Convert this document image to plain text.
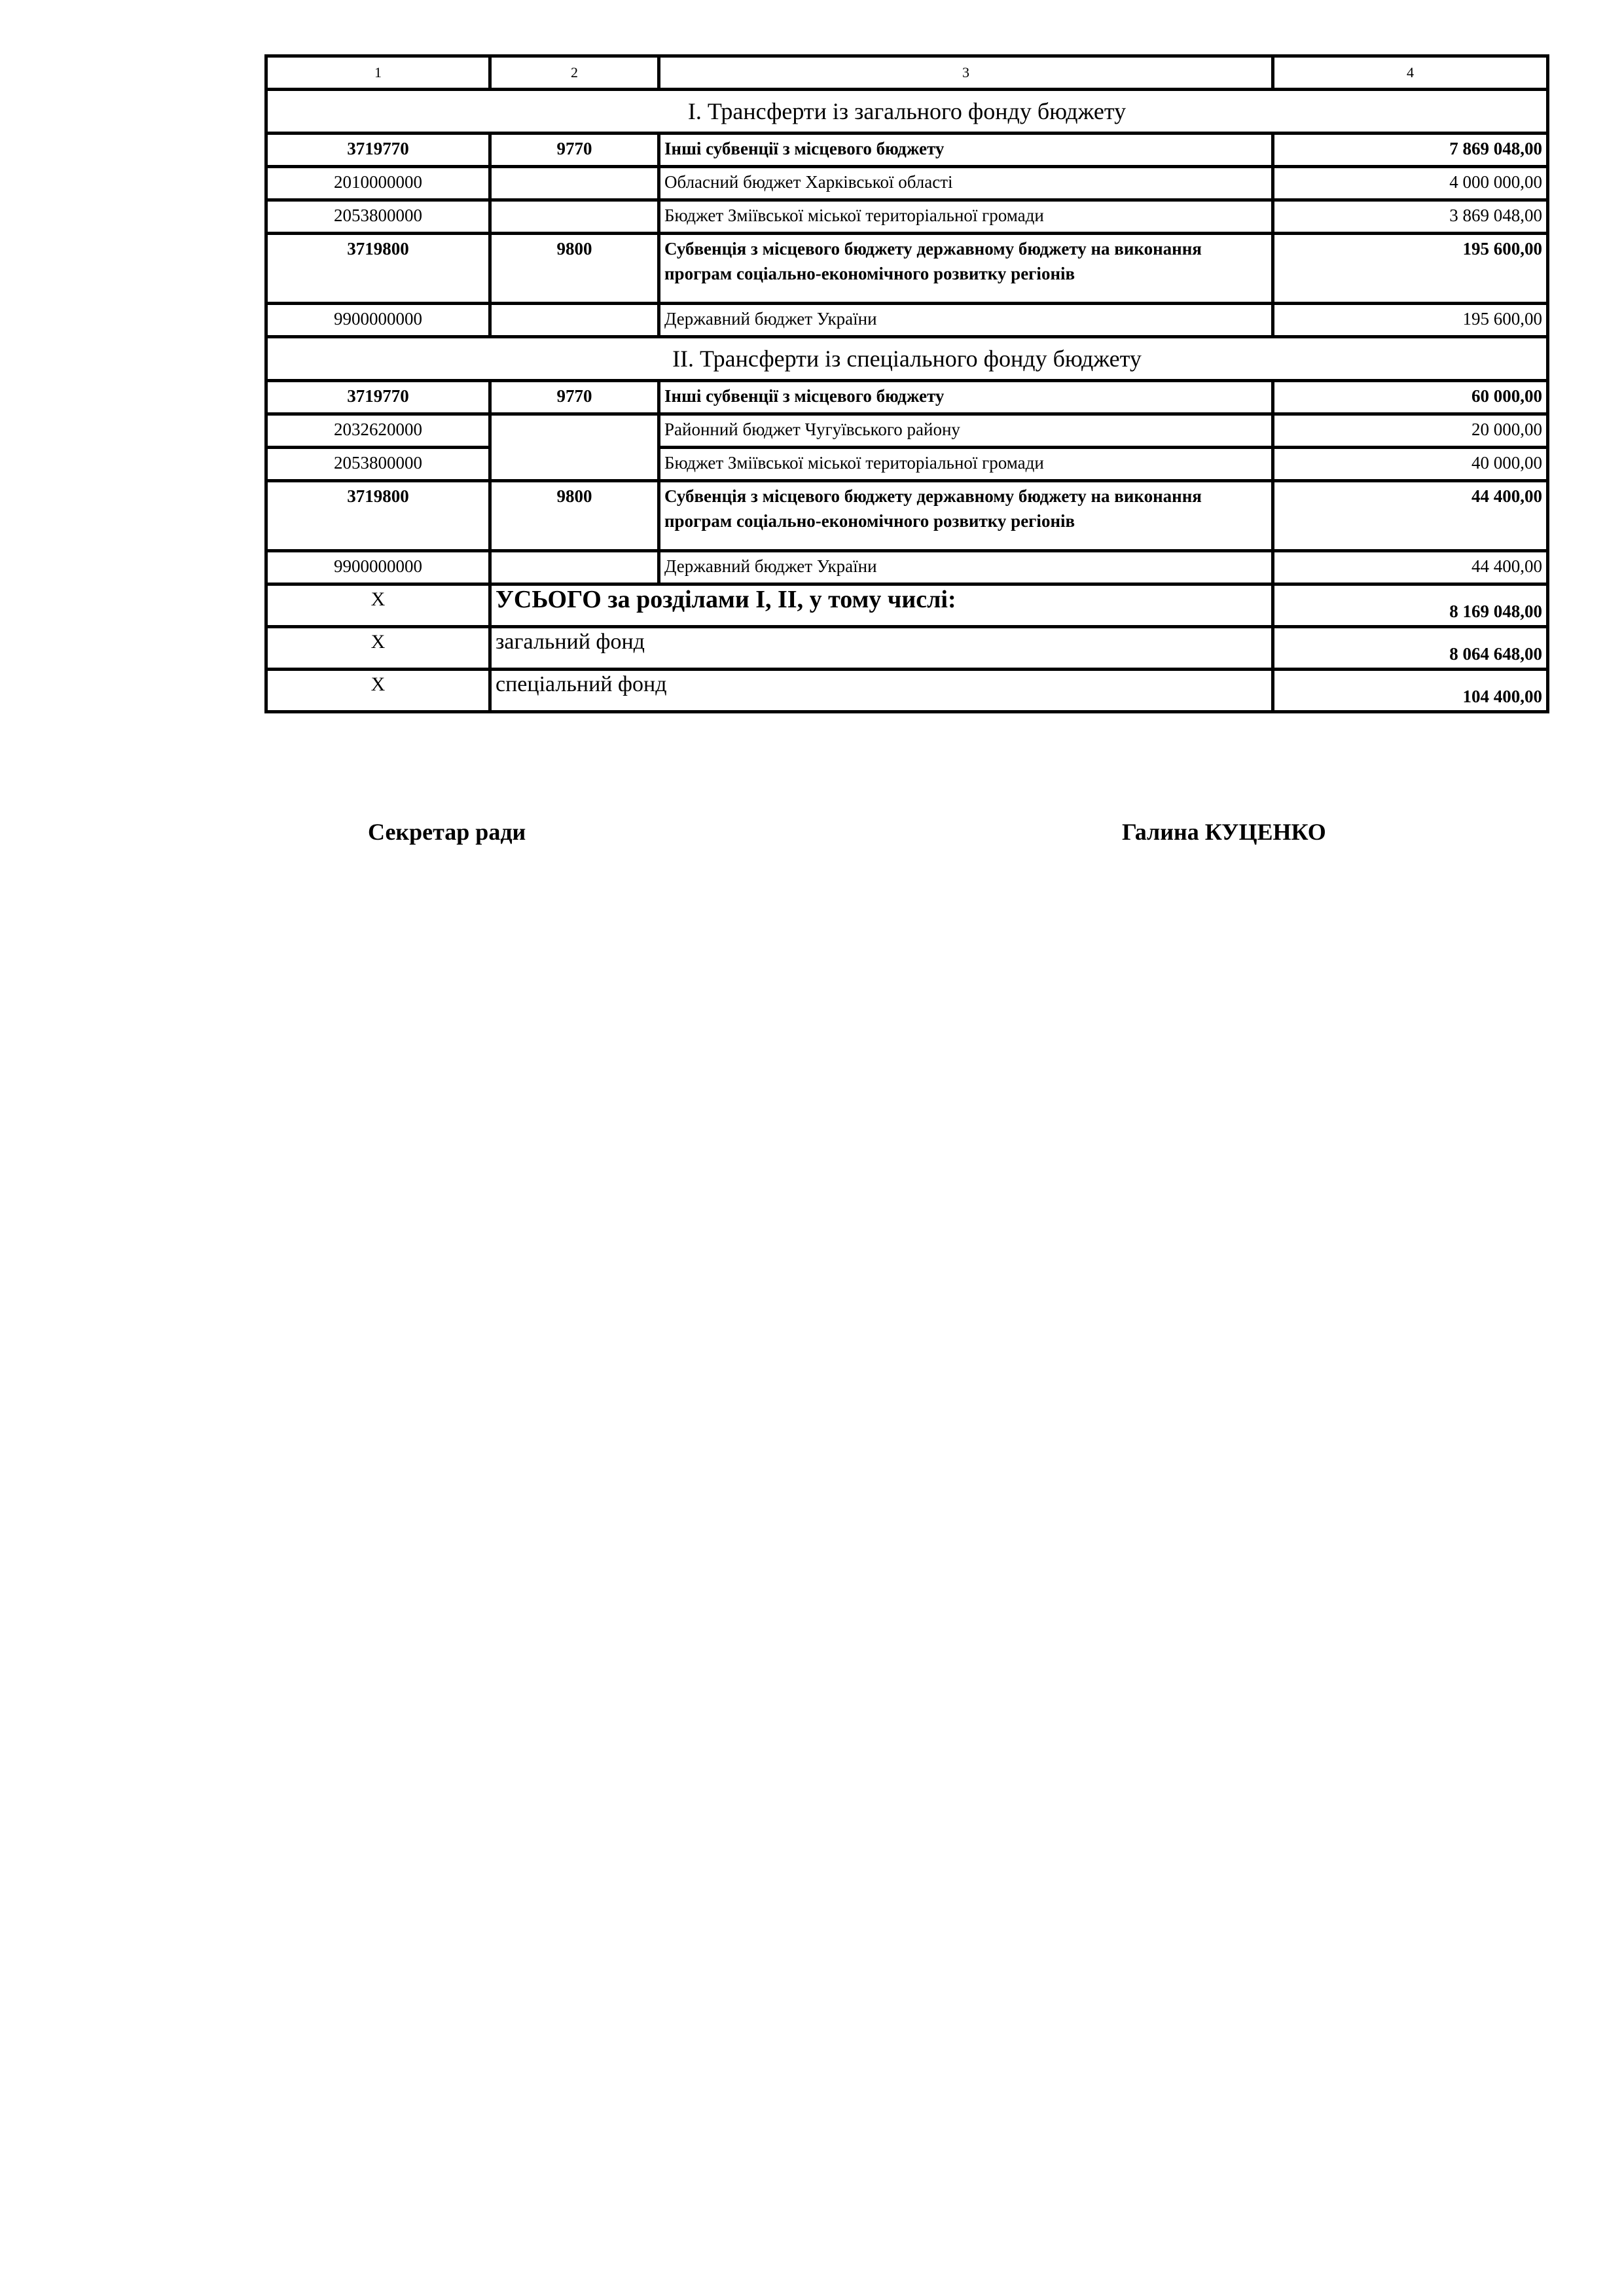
1	2	3	4
I. Трансферти із загального фонду бюджету			
3719770	9770	Інші субвенції з місцевого бюджету	7 869 048,00
2010000000		Обласний бюджет Харківської області	4 000 000,00
2053800000		Бюджет Зміївської міської територіальної громади	3 869 048,00
3719800	9800	Субвенція з місцевого бюджету державному бюджету на виконання програм соціально-економічного розвитку регіонів	195 600,00
9900000000		Державний бюджет України	195 600,00
II. Трансферти із спеціального фонду бюджету			
3719770	9770	Інші субвенції з місцевого бюджету	60 000,00
2032620000		Районний бюджет Чугуївського району	20 000,00
2053800000		Бюджет Зміївської міської територіальної громади	40 000,00
3719800	9800	Субвенція з місцевого бюджету державному бюджету на виконання програм соціально-економічного розвитку регіонів	44 400,00
9900000000		Державний бюджет України	44 400,00
Х	УСЬОГО за розділами I, II, у тому числі:		8 169 048,00
Х	загальний фонд		8 064 648,00
Х	спеціальний фонд		104 400,00
Секретар ради	Галина КУЦЕНКО
